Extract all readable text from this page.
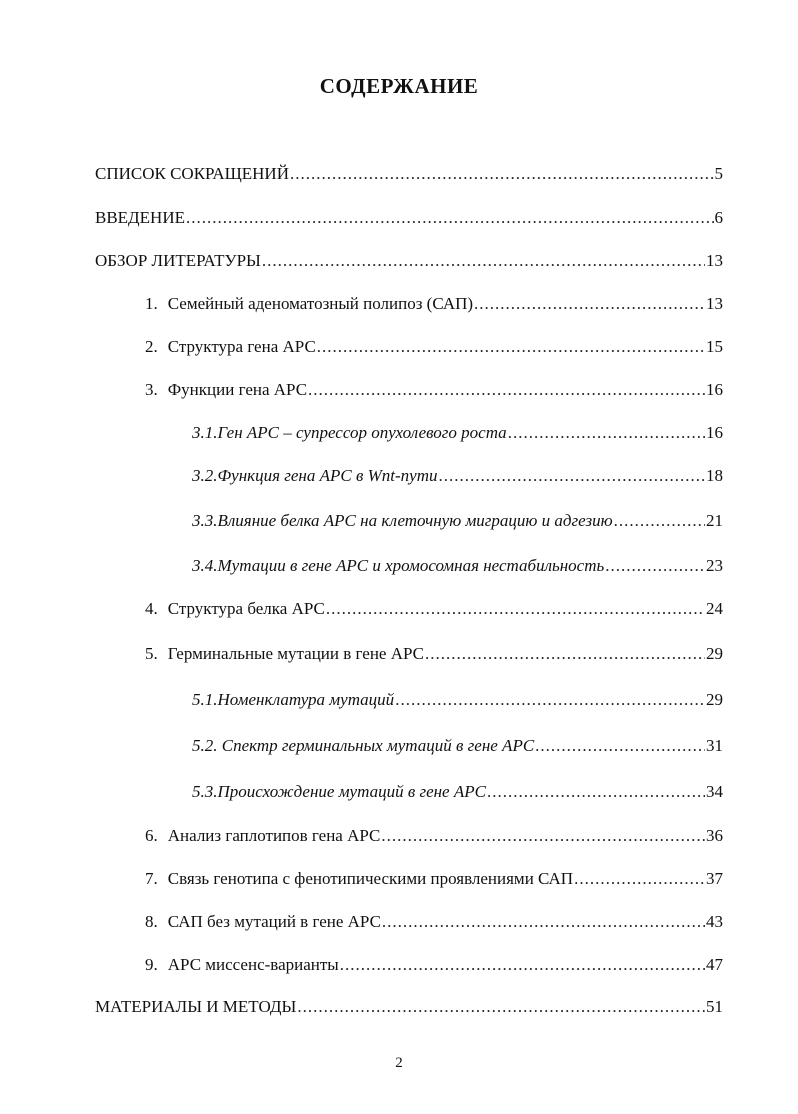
СОДЕРЖАНИЕ
СПИСОК СОКРАЩЕНИЙ .....	5
ВВЕДЕНИЕ .....	6
ОБЗОР ЛИТЕРАТУРЫ .....	13
1. Семейный аденоматозный полипоз (САП) .....	13
2. Структура гена АРС .....	15
3. Функции гена АРС .....	16
3.1.Ген АРС – супрессор опухолевого роста .....	16
3.2.Функция гена АРС в Wnt-пути .....	18
3.3.Влияние белка АРС на клеточную миграцию и адгезию .....	21
3.4.Мутации в гене АРС и хромосомная нестабильность .....	23
4. Структура белка АРС .....	24
5. Герминальные мутации в гене АРС .....	29
5.1.Номенклатура мутаций .....	29
5.2. Спектр герминальных мутаций в гене АРС .....	31
5.3.Происхождение мутаций в гене АРС .....	34
6. Анализ гаплотипов гена АРС .....	36
7. Связь генотипа с фенотипическими проявлениями САП .....	37
8. САП без мутаций в гене АРС .....	43
9. АРС миссенс-варианты .....	47
МАТЕРИАЛЫ И МЕТОДЫ .....	51
2
